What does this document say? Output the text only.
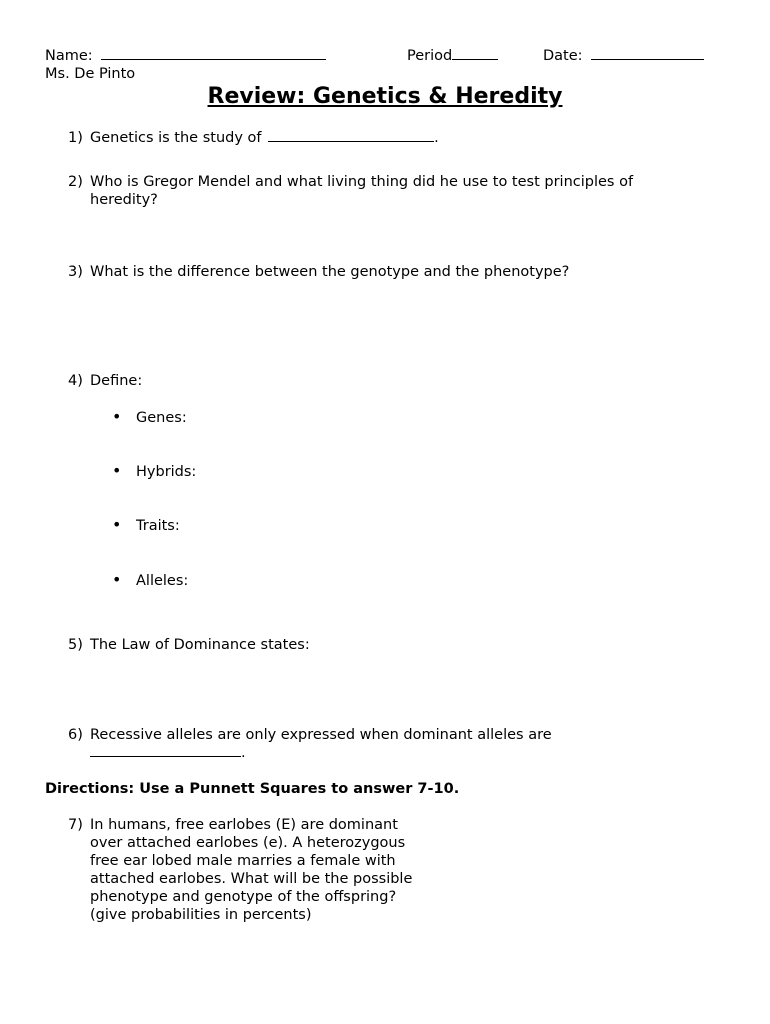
Name:	Period	Date:
Ms. De Pinto
Review: Genetics & Heredity
1) Genetics is the study of	.
2) Who is Gregor Mendel and what living thing did he use to test principles of
heredity?
3) What is the difference between the genotype and the phenotype?
4) Define:
• Genes:
• Hybrids:
• Traits:
• Alleles:
5) The Law of Dominance states:
6) Recessive alleles are only expressed when dominant alleles are
.
Directions: Use a Punnett Squares to answer 7-10.
7) In humans, free earlobes (E) are dominant
over attached earlobes (e). A heterozygous
free ear lobed male marries a female with
attached earlobes. What will be the possible
phenotype and genotype of the offspring?
(give probabilities in percents)
